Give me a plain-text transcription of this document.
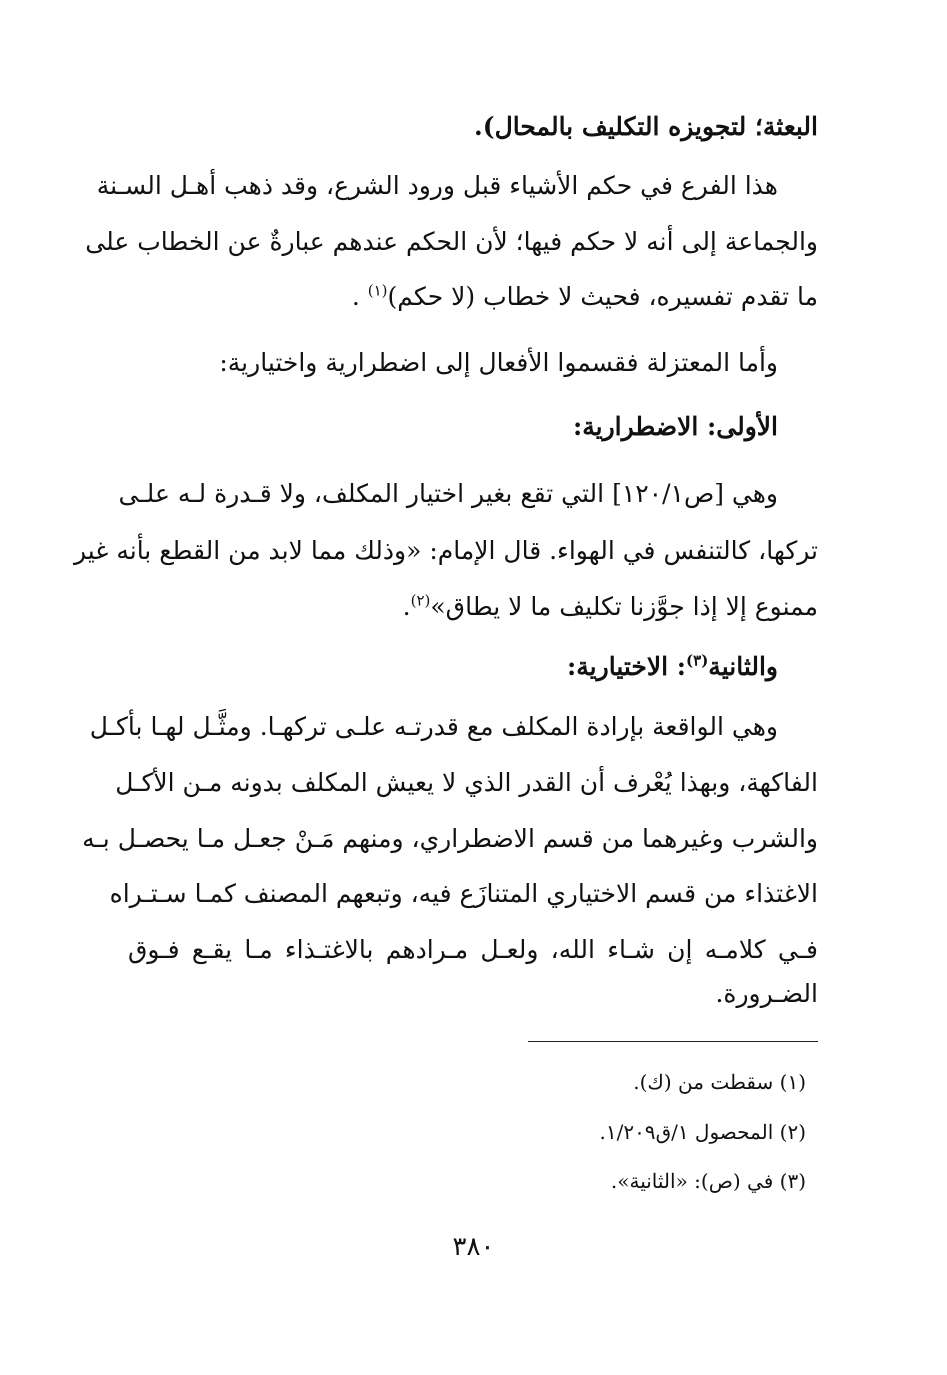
البعثة؛ لتجويزه التكليف بالمحال).
هذا الفرع في حكم الأشياء قبل ورود الشرع، وقد ذهب أهـل السـنة
والجماعة إلى أنه لا حكم فيها؛ لأن الحكم عندهم عبارةٌ عن الخطاب على
ما تقدم تفسيره، فحيث لا خطاب (لا حكم)$^{(١)}$ .
وأما المعتزلة فقسموا الأفعال إلى اضطرارية واختيارية:
الأولى: الاضطرارية:
وهي [ص١٢٠/١] التي تقع بغير اختيار المكلف، ولا قـدرة لـه علـى
تركها، كالتنفس في الهواء. قال الإمام: «وذلك مما لابد من القطع بأنه غير
ممنوع إلا إذا جوَّزنا تكليف ما لا يطاق»$^{(٢)}$.
والثانية$^{(٣)}$: الاختيارية:
وهي الواقعة بإرادة المكلف مع قدرتـه علـى تركهـا. ومثَّـل لهـا بأكـل
الفاكهة، وبهذا يُعْرف أن القدر الذي لا يعيش المكلف بدونه مـن الأكـل
والشرب وغيرهما من قسم الاضطراري، ومنهم مَـنْ جعـل مـا يحصـل بـه
الاغتذاء من قسم الاختياري المتنازَع فيه، وتبعهم المصنف كمـا سـتـراه
فـي كلامـه إن شـاء الله، ولعـل مـرادهم بالاغتـذاء مـا يقـع فـوق
الضـرورة.
(١) سقطت من (ك).
(٢) المحصول ١/ق١/٢٠٩.
(٣) في (ص): «الثانية».
٣٨٠
